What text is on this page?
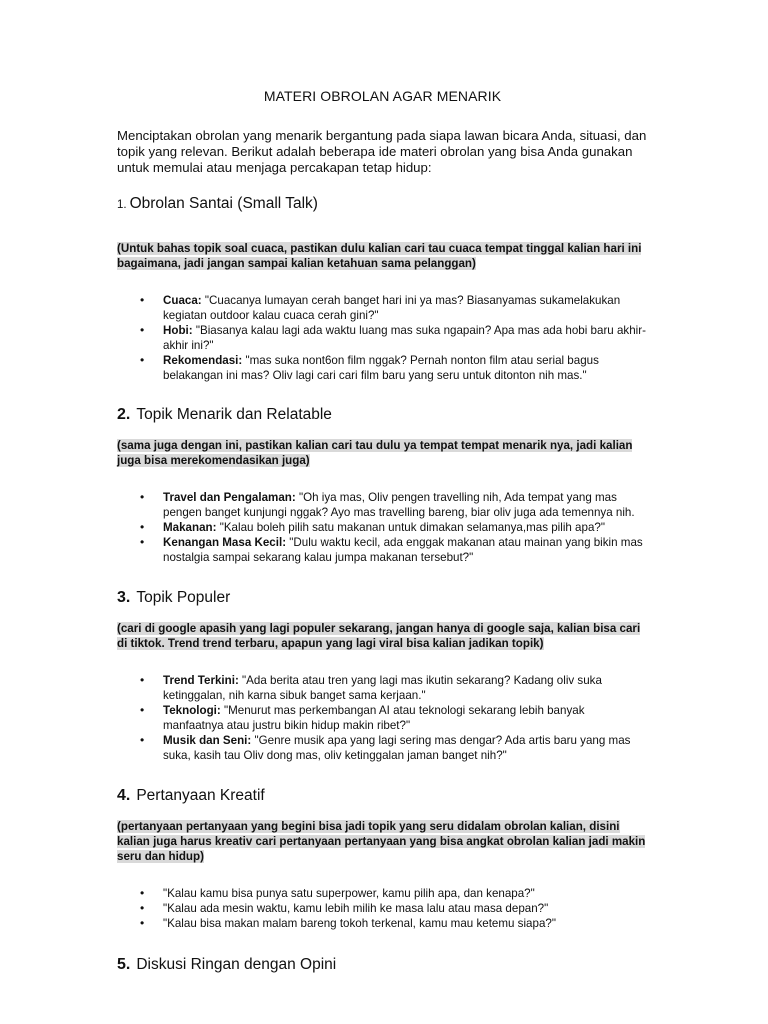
MATERI OBROLAN AGAR MENARIK

Menciptakan obrolan yang menarik bergantung pada siapa lawan bicara Anda, situasi, dan topik yang relevan. Berikut adalah beberapa ide materi obrolan yang bisa Anda gunakan untuk memulai atau menjaga percakapan tetap hidup:

1. Obrolan Santai (Small Talk)

(Untuk bahas topik soal cuaca, pastikan dulu kalian cari tau cuaca tempat tinggal kalian hari ini bagaimana, jadi jangan sampai kalian ketahuan sama pelanggan)

• Cuaca: "Cuacanya lumayan cerah banget hari ini ya mas? Biasanyamas sukamelakukan kegiatan outdoor kalau cuaca cerah gini?"
• Hobi: "Biasanya kalau lagi ada waktu luang mas suka ngapain? Apa mas ada hobi baru akhir-akhir ini?"
• Rekomendasi: "mas suka nont6on film nggak? Pernah nonton film atau serial bagus belakangan ini mas? Oliv lagi cari cari film baru yang seru untuk ditonton nih mas."
2. Topik Menarik dan Relatable

(sama juga dengan ini, pastikan kalian cari tau dulu ya tempat tempat menarik nya, jadi kalian juga bisa merekomendasikan juga)

• Travel dan Pengalaman: "Oh iya mas, Oliv pengen travelling nih, Ada tempat yang mas pengen banget kunjungi nggak? Ayo mas travelling bareng, biar oliv juga ada temennya nih.
• Makanan: "Kalau boleh pilih satu makanan untuk dimakan selamanya,mas pilih apa?"
• Kenangan Masa Kecil: "Dulu waktu kecil, ada enggak makanan atau mainan yang bikin mas nostalgia sampai sekarang kalau jumpa makanan tersebut?"
3. Topik Populer

(cari di google apasih yang lagi populer sekarang, jangan hanya di google saja, kalian bisa cari di tiktok. Trend trend terbaru, apapun yang lagi viral bisa kalian jadikan topik)

• Trend Terkini: "Ada berita atau tren yang lagi mas ikutin sekarang? Kadang oliv suka ketinggalan, nih karna sibuk banget sama kerjaan."
• Teknologi: "Menurut mas perkembangan AI atau teknologi sekarang lebih banyak manfaatnya atau justru bikin hidup makin ribet?"
• Musik dan Seni: "Genre musik apa yang lagi sering mas dengar? Ada artis baru yang mas suka, kasih tau Oliv dong mas, oliv ketinggalan jaman banget nih?"
4. Pertanyaan Kreatif

(pertanyaan pertanyaan yang begini bisa jadi topik yang seru didalam obrolan kalian, disini kalian juga harus kreativ cari pertanyaan pertanyaan yang bisa angkat obrolan kalian jadi makin seru dan hidup)

• "Kalau kamu bisa punya satu superpower, kamu pilih apa, dan kenapa?"
• "Kalau ada mesin waktu, kamu lebih milih ke masa lalu atau masa depan?"
• "Kalau bisa makan malam bareng tokoh terkenal, kamu mau ketemu siapa?"
5. Diskusi Ringan dengan Opini
